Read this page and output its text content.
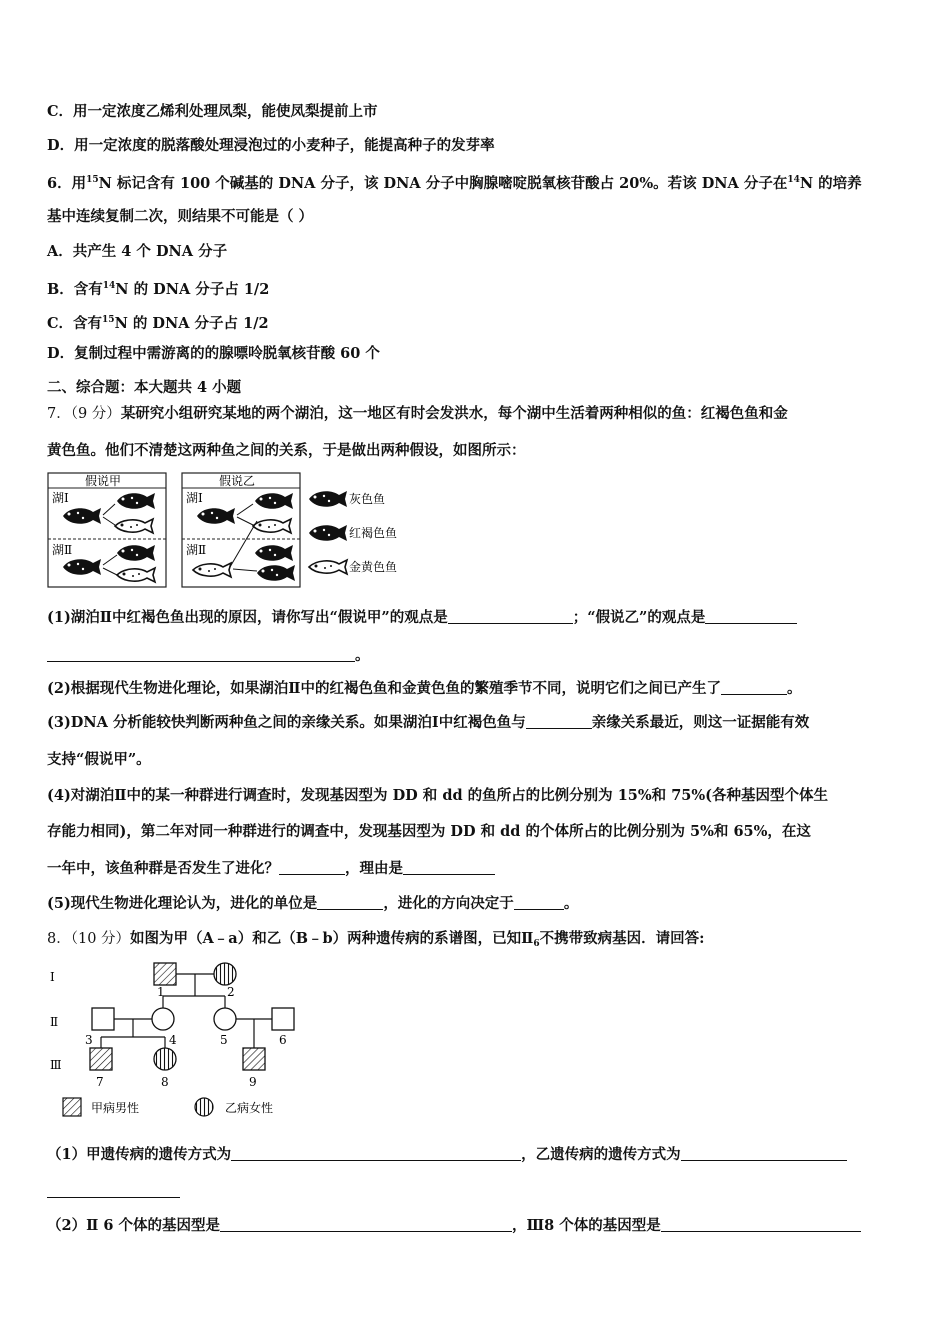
C．用一定浓度乙烯利处理凤梨，能使凤梨提前上市
D．用一定浓度的脱落酸处理浸泡过的小麦种子，能提高种子的发芽率
6．用$^{15}$N 标记含有 100 个碱基的 DNA 分子，该 DNA 分子中胸腺嘧啶脱氧核苷酸占 20%。若该 DNA 分子在$^{14}$N 的培养
基中连续复制二次，则结果不可能是（ ）
A．共产生 4 个 DNA 分子
B．含有$^{14}$N 的 DNA 分子占 1/2
C．含有$^{15}$N 的 DNA 分子占 1/2
D．复制过程中需游离的的腺嘌呤脱氧核苷酸 60 个
二、综合题：本大题共 4 小题
7．（9 分）某研究小组研究某地的两个湖泊，这一地区有时会发洪水，每个湖中生活着两种相似的鱼：红褐色鱼和金
黄色鱼。他们不清楚这两种鱼之间的关系，于是做出两种假设，如图所示：
假说甲
湖Ⅰ
湖Ⅱ
假说乙
湖Ⅰ
湖Ⅱ
灰色鱼
红褐色鱼
金黄色鱼
(1)湖泊Ⅱ中红褐色鱼出现的原因，请你写出“假说甲”的观点是	；“假说乙”的观点是
。
(2)根据现代生物进化理论，如果湖泊Ⅱ中的红褐色鱼和金黄色鱼的繁殖季节不同，说明它们之间已产生了	。
(3)DNA 分析能较快判断两种鱼之间的亲缘关系。如果湖泊Ⅰ中红褐色鱼与	亲缘关系最近，则这一证据能有效
支持“假说甲”。
(4)对湖泊Ⅱ中的某一种群进行调查时，发现基因型为 DD 和 dd 的鱼所占的比例分别为 15%和 75%(各种基因型个体生
存能力相同)，第二年对同一种群进行的调查中，发现基因型为 DD 和 dd 的个体所占的比例分别为 5%和 65%，在这
一年中，该鱼种群是否发生了进化？	，理由是
(5)现代生物进化理论认为，进化的单位是	，进化的方向决定于	。
8．（10 分）如图为甲（A﹣a）和乙（B﹣b）两种遗传病的系谱图，已知$Ⅱ_6$不携带致病基因．请回答:
Ⅰ
Ⅱ
Ⅲ
1	2
3	4	5	6
7	8	9
甲病男性	乙病女性
（1）甲遗传病的遗传方式为	，乙遗传病的遗传方式为
（2）Ⅱ 6 个体的基因型是	，Ⅲ8 个体的基因型是
